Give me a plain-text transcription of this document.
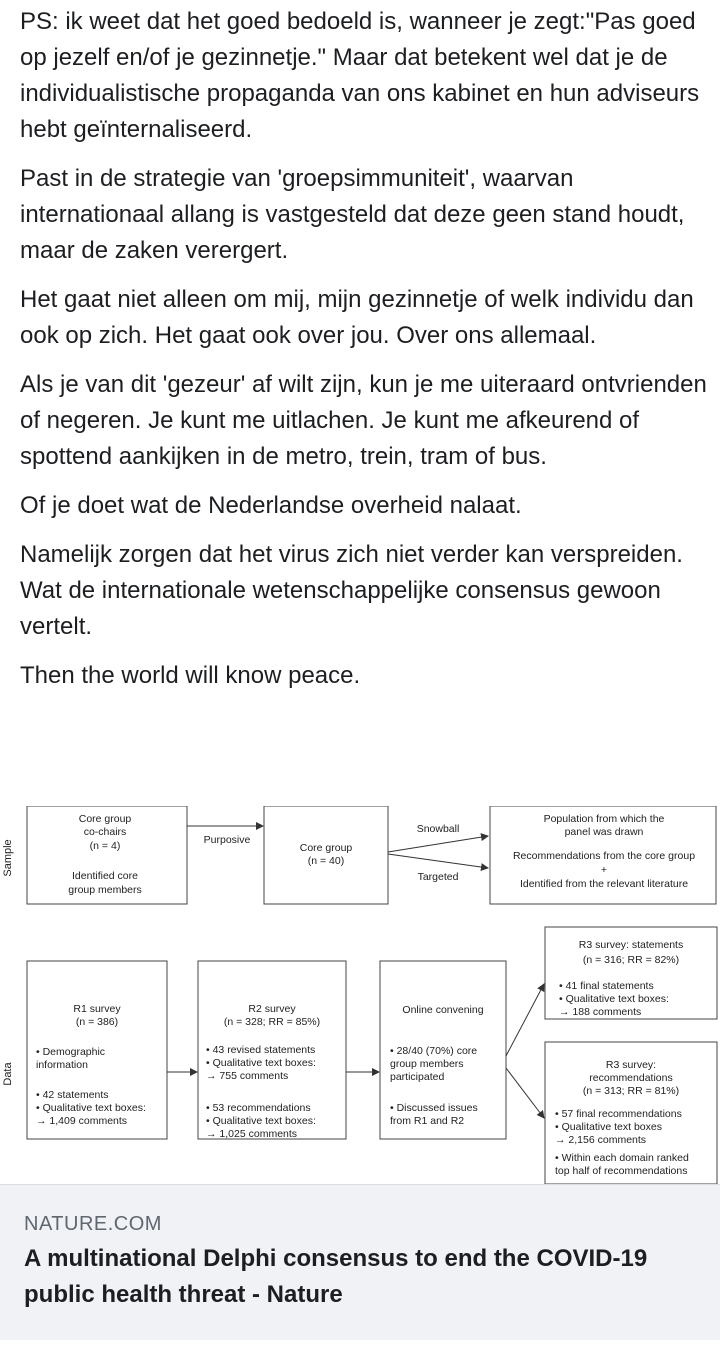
PS: ik weet dat het goed bedoeld is, wanneer je zegt:"Pas goed op jezelf en/of je gezinnetje." Maar dat betekent wel dat je de individualistische propaganda van ons kabinet en hun adviseurs hebt geïnternaliseerd.

Past in de strategie van 'groepsimmuniteit', waarvan internationaal allang is vastgesteld dat deze geen stand houdt, maar de zaken verergert.

Het gaat niet alleen om mij, mijn gezinnetje of welk individu dan ook op zich. Het gaat ook over jou. Over ons allemaal.

Als je van dit 'gezeur' af wilt zijn, kun je me uiteraard ontvrienden of negeren. Je kunt me uitlachen. Je kunt me afkeurend of spottend aankijken in de metro, trein, tram of bus.

Of je doet wat de Nederlandse overheid nalaat.

Namelijk zorgen dat het virus zich niet verder kan verspreiden. Wat de internationale wetenschappelijke consensus gewoon vertelt.

Then the world will know peace.

Sample
Data
Core group
co-chairs
(n = 4)
Identified core
group members
Purposive
Core group
(n = 40)
Snowball
Targeted
Population from which the
panel was drawn
Recommendations from the core group
+
Identified from the relevant literature
R1 survey
(n = 386)
• Demographic
information
• 42 statements
• Qualitative text boxes:
→ 1,409 comments
R2 survey
(n = 328; RR = 85%)
• 43 revised statements
• Qualitative text boxes:
→ 755 comments
• 53 recommendations
• Qualitative text boxes:
→ 1,025 comments
Online convening
• 28/40 (70%) core
group members
participated
• Discussed issues
from R1 and R2
R3 survey: statements
(n = 316; RR = 82%)
• 41 final statements
• Qualitative text boxes:
→ 188 comments
R3 survey:
recommendations
(n = 313; RR = 81%)
• 57 final recommendations
• Qualitative text boxes
→ 2,156 comments
• Within each domain ranked
top half of recommendations
NATURE.COM
A multinational Delphi consensus to end the COVID-19 public health threat - Nature
